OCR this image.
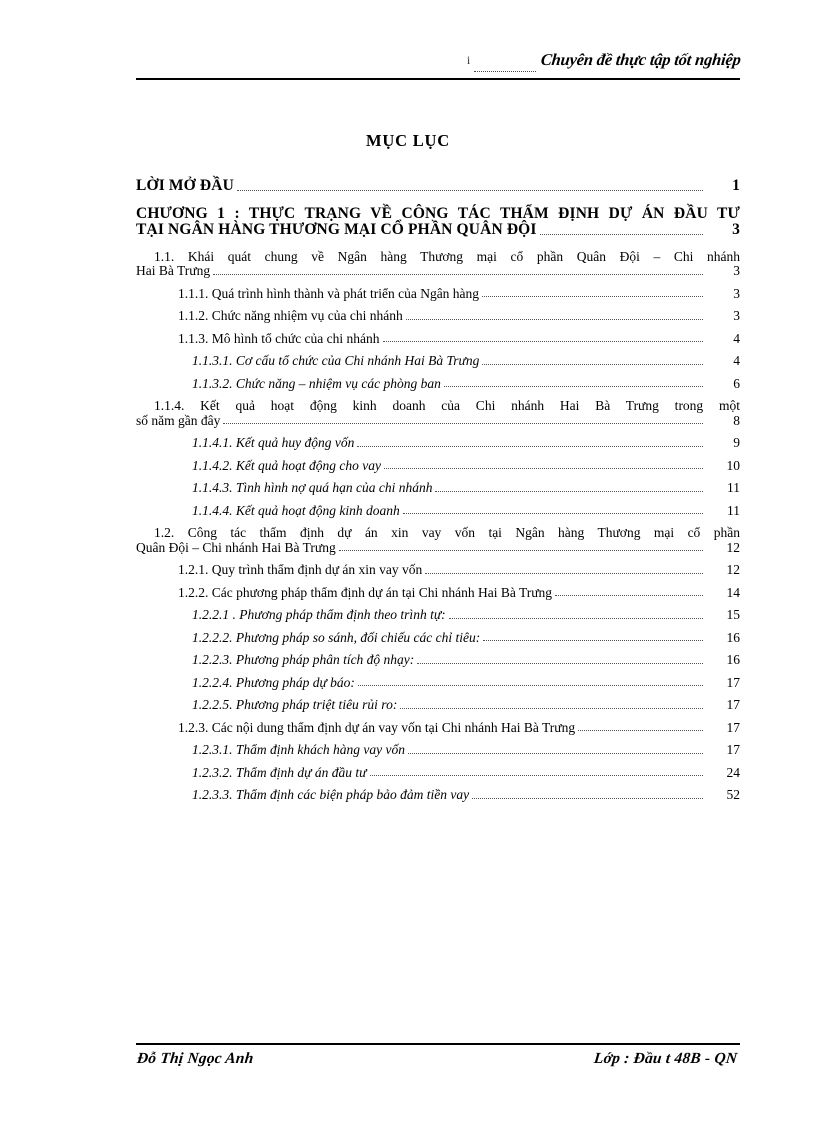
i	Chuyên đề thực tập tốt nghiệp
MỤC LỤC
LỜI MỞ ĐẦU	1
CHƯƠNG 1 : THỰC TRẠNG VỀ CÔNG TÁC THẨM ĐỊNH DỰ ÁN ĐẦU TƯ
TẠI NGÂN HÀNG THƯƠNG MẠI CỔ PHẦN QUÂN ĐỘI	3
1.1. Khái quát chung về Ngân hàng Thương mại cổ phần Quân Đội – Chi nhánh
Hai Bà Trưng	3
1.1.1. Quá trình hình thành và phát triển của Ngân hàng	3
1.1.2. Chức năng nhiệm vụ của chi nhánh	3
1.1.3. Mô hình tổ chức của chi nhánh	4
1.1.3.1. Cơ cấu tổ chức của Chi nhánh Hai Bà Trưng	4
1.1.3.2. Chức năng – nhiệm vụ các phòng ban	6
1.1.4. Kết quả hoạt động kinh doanh của Chi nhánh Hai Bà Trưng trong một
số năm gần đây	8
1.1.4.1. Kết quả huy động vốn	9
1.1.4.2. Kết quả hoạt động cho vay	10
1.1.4.3. Tình hình nợ quá hạn của chi nhánh	11
1.1.4.4. Kết quả hoạt động kinh doanh	11
1.2. Công tác thẩm định dự án xin vay vốn tại Ngân hàng Thương mại cổ phần
Quân Đội – Chi nhánh Hai Bà Trưng	12
1.2.1. Quy trình thẩm định dự án xin vay vốn	12
1.2.2. Các phương pháp thẩm định dự án tại Chi nhánh Hai Bà Trưng	14
1.2.2.1 . Phương pháp thẩm định theo trình tự:	15
1.2.2.2. Phương pháp so sánh, đối chiếu các chỉ tiêu:	16
1.2.2.3. Phương pháp phân tích độ nhạy:	16
1.2.2.4. Phương pháp dự báo:	17
1.2.2.5. Phương pháp triệt tiêu rủi ro:	17
1.2.3. Các nội dung thẩm định dự án vay vốn tại Chi nhánh Hai Bà Trưng	17
1.2.3.1. Thẩm định khách hàng vay vốn	17
1.2.3.2. Thẩm định dự án đầu tư	24
1.2.3.3. Thẩm định các biện pháp bảo đảm tiền vay	52
Đỗ Thị Ngọc Anh	Lớp : Đầu t 48B - QN
